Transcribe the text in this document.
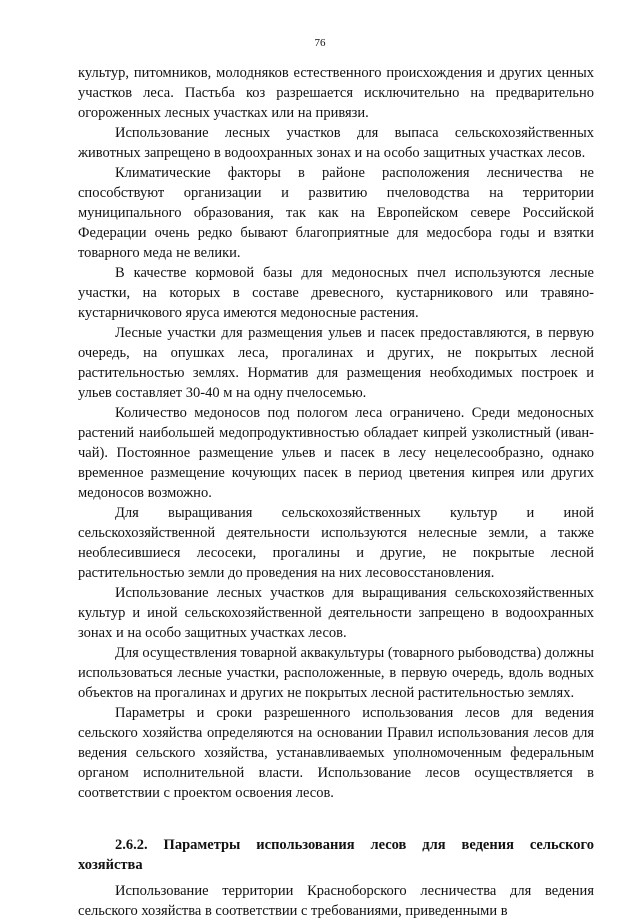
76

культур, питомников, молодняков естественного происхождения и других ценных участков леса. Пастьба коз разрешается исключительно на предварительно огороженных лесных участках или на привязи.

Использование лесных участков для выпаса сельскохозяйственных животных запрещено в водоохранных зонах и на особо защитных участках лесов.

Климатические факторы в районе расположения лесничества не способствуют организации и развитию пчеловодства на территории муниципального образования, так как на Европейском севере Российской Федерации очень редко бывают благоприятные для медосбора годы и взятки товарного меда не велики.

В качестве кормовой базы для медоносных пчел используются лесные участки, на которых в составе древесного, кустарникового или травяно-кустарничкового яруса имеются медоносные растения.

Лесные участки для размещения ульев и пасек предоставляются, в первую очередь, на опушках леса, прогалинах и других, не покрытых лесной растительностью землях. Норматив для размещения необходимых построек и ульев составляет 30-40 м на одну пчелосемью.

Количество медоносов под пологом леса ограничено. Среди медоносных растений наибольшей медопродуктивностью обладает кипрей узколистный (иван-чай). Постоянное размещение ульев и пасек в лесу нецелесообразно, однако временное размещение кочующих пасек в период цветения кипрея или других медоносов возможно.

Для выращивания сельскохозяйственных культур и иной сельскохозяйственной деятельности используются нелесные земли, а также необлесившиеся лесосеки, прогалины и другие, не покрытые лесной растительностью земли до проведения на них лесовосстановления.

Использование лесных участков для выращивания сельскохозяйственных культур и иной сельскохозяйственной деятельности запрещено в водоохранных зонах и на особо защитных участках лесов.

Для осуществления товарной аквакультуры (товарного рыбоводства) должны использоваться лесные участки, расположенные, в первую очередь, вдоль водных объектов на прогалинах и других не покрытых лесной растительностью землях.

Параметры и сроки разрешенного использования лесов для ведения сельского хозяйства определяются на основании Правил использования лесов для ведения сельского хозяйства, устанавливаемых уполномоченным федеральным органом исполнительной власти. Использование лесов осуществляется в соответствии с проектом освоения лесов.

2.6.2. Параметры использования лесов для ведения сельского хозяйства

Использование территории Красноборского лесничества для ведения сельского хозяйства в соответствии с требованиями, приведенными в
